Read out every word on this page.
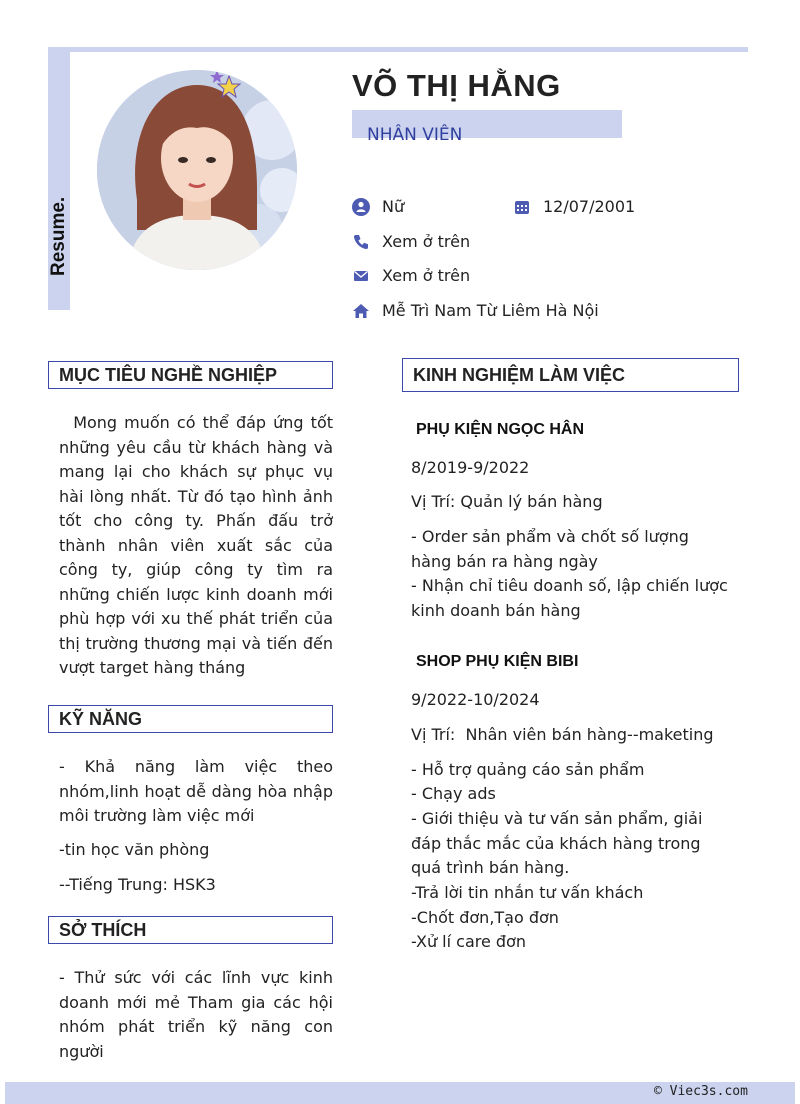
Resume.
VÕ THỊ HẰNG
NHÂN VIÊN
Nữ	12/07/2001
Xem ở trên
Xem ở trên
Mễ Trì Nam Từ Liêm Hà Nội
MỤC TIÊU NGHỀ NGHIỆP
Mong muốn có thể đáp ứng tốt những yêu cầu từ khách hàng và mang lại cho khách sự phục vụ hài lòng nhất. Từ đó tạo hình ảnh tốt cho công ty. Phấn đấu trở thành nhân viên xuất sắc của công ty, giúp công ty tìm ra những chiến lược kinh doanh mới phù hợp với xu thế phát triển của thị trường thương mại và tiến đến vượt target hàng tháng
KỸ NĂNG
- Khả năng làm việc theo nhóm,linh hoạt dễ dàng hòa nhập môi trường làm việc mới
-tin học văn phòng
--Tiếng Trung: HSK3
SỞ THÍCH
- Thử sức với các lĩnh vực kinh doanh mới mẻ Tham gia các hội nhóm phát triển kỹ năng con người
KINH NGHIỆM LÀM VIỆC
PHỤ KIỆN NGỌC HÂN
8/2019-9/2022
Vị Trí: Quản lý bán hàng
- Order sản phẩm và chốt số lượng hàng bán ra hàng ngày
- Nhận chỉ tiêu doanh số, lập chiến lược kinh doanh bán hàng
SHOP PHỤ KIỆN BIBI
9/2022-10/2024
Vị Trí:  Nhân viên bán hàng--maketing
- Hỗ trợ quảng cáo sản phẩm
- Chạy ads
- Giới thiệu và tư vấn sản phẩm, giải đáp thắc mắc của khách hàng trong quá trình bán hàng.
-Trả lời tin nhắn tư vấn khách
-Chốt đơn,Tạo đơn
-Xử lí care đơn
© Viec3s.com
